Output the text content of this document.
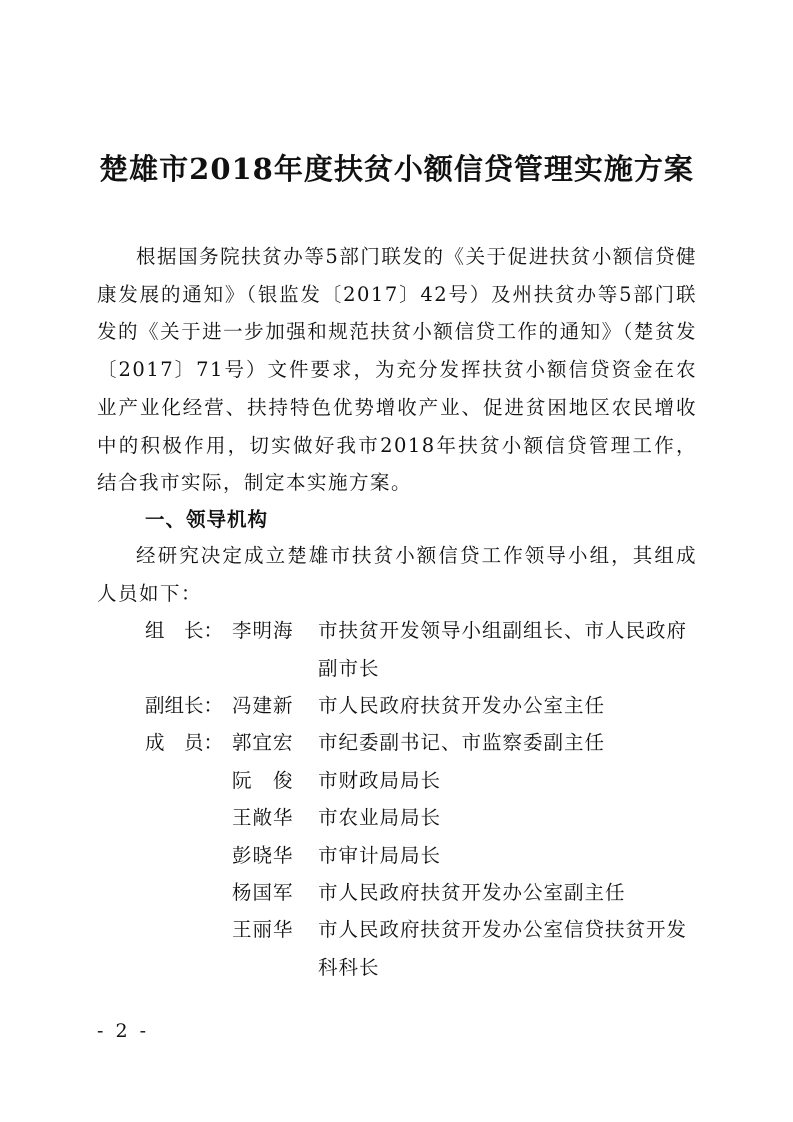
楚雄市2018年度扶贫小额信贷管理实施方案

根据国务院扶贫办等5部门联发的《关于促进扶贫小额信贷健康发展的通知》（银监发〔2017〕42号）及州扶贫办等5部门联发的《关于进一步加强和规范扶贫小额信贷工作的通知》（楚贫发〔2017〕71号）文件要求，为充分发挥扶贫小额信贷资金在农业产业化经营、扶持特色优势增收产业、促进贫困地区农民增收中的积极作用，切实做好我市2018年扶贫小额信贷管理工作，结合我市实际，制定本实施方案。

一、领导机构

经研究决定成立楚雄市扶贫小额信贷工作领导小组，其组成人员如下：

组　长： 李明海 市扶贫开发领导小组副组长、市人民政府副市长
副组长： 冯建新 市人民政府扶贫开发办公室主任
成　员： 郭宜宏 市纪委副书记、市监察委副主任
阮　俊 市财政局局长
王敞华 市农业局局长
彭晓华 市审计局局长
杨国军 市人民政府扶贫开发办公室副主任
王丽华 市人民政府扶贫开发办公室信贷扶贫开发科科长
- 2 -
